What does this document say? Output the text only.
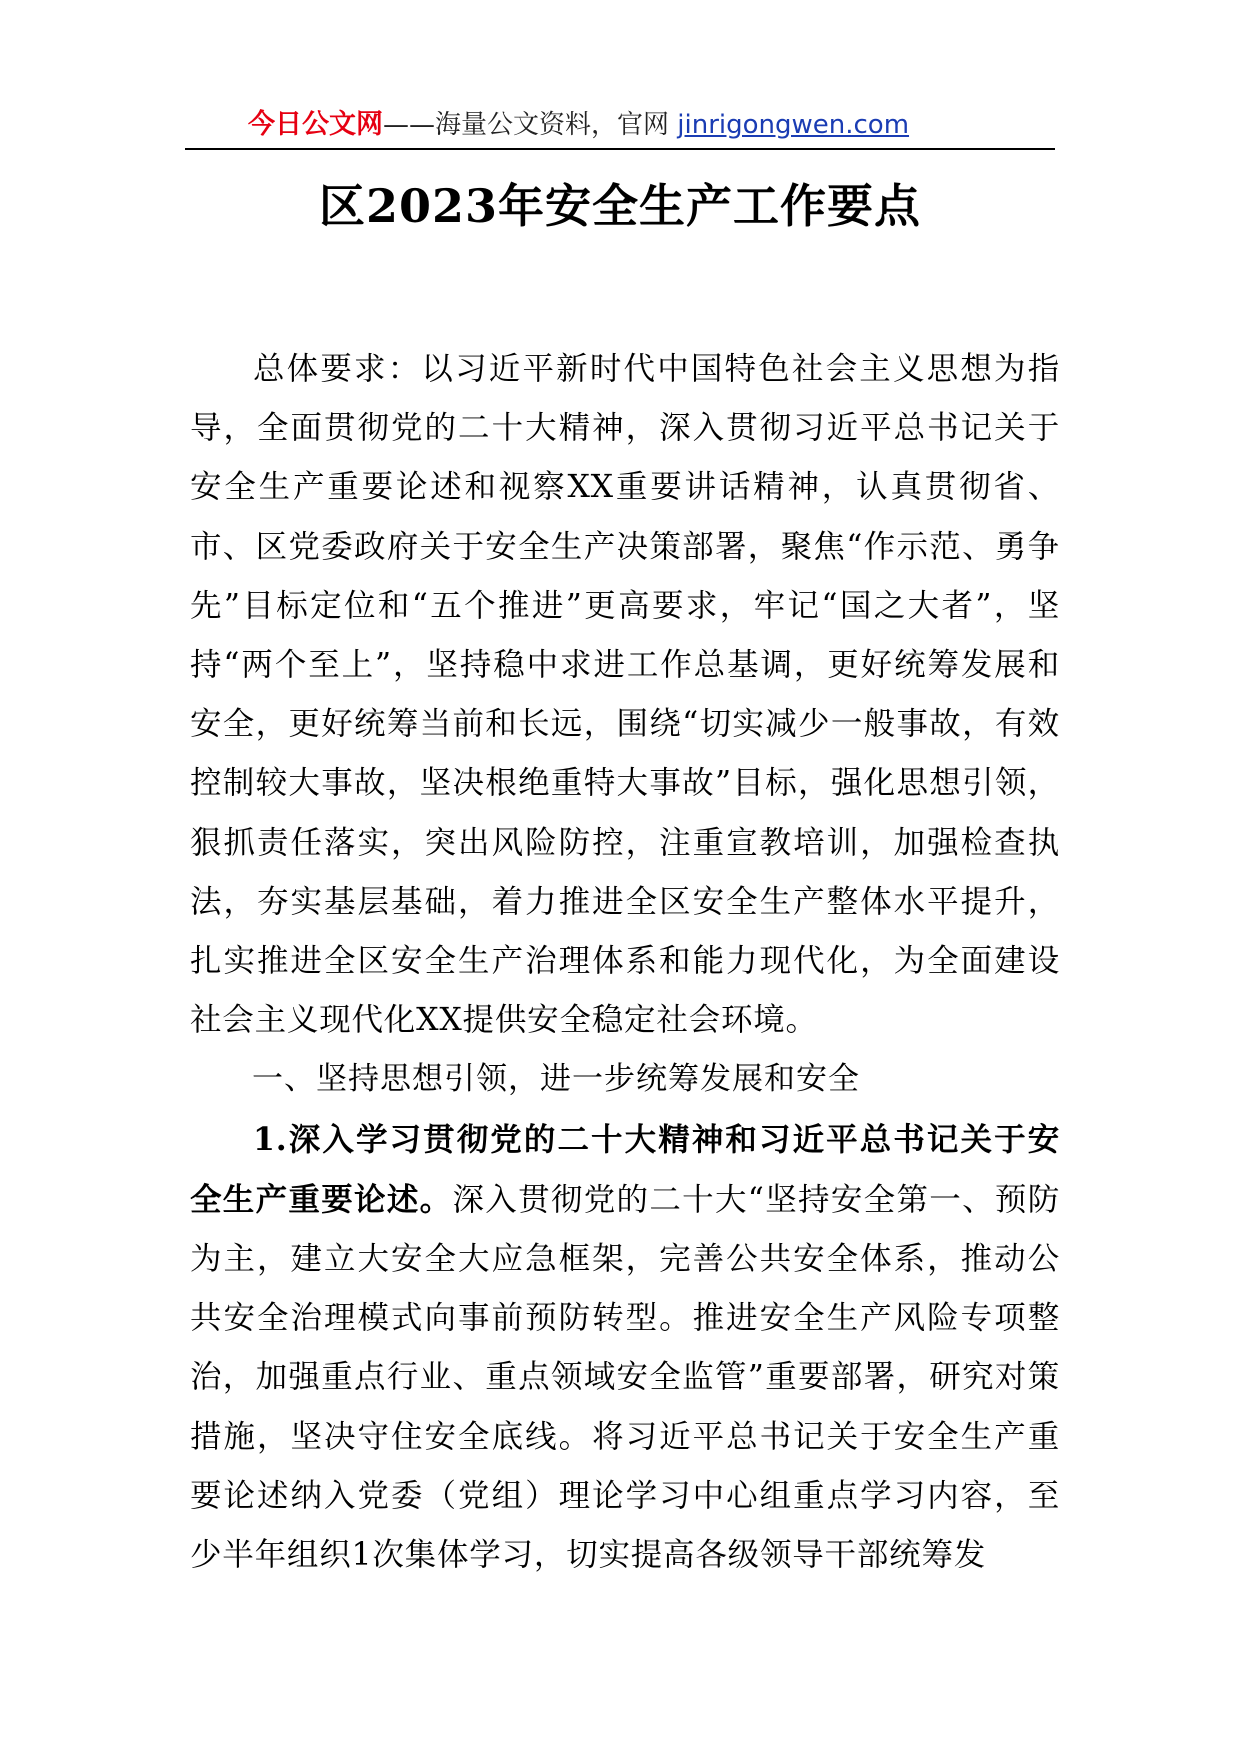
今日公文网——海量公文资料，官网 jinrigongwen.com
区2023年安全生产工作要点

总体要求：以习近平新时代中国特色社会主义思想为指导，全面贯彻党的二十大精神，深入贯彻习近平总书记关于安全生产重要论述和视察XX重要讲话精神，认真贯彻省、市、区党委政府关于安全生产决策部署，聚焦“作示范、勇争先”目标定位和“五个推进”更高要求，牢记“国之大者”，坚持“两个至上”，坚持稳中求进工作总基调，更好统筹发展和安全，更好统筹当前和长远，围绕“切实减少一般事故，有效控制较大事故，坚决根绝重特大事故”目标，强化思想引领，狠抓责任落实，突出风险防控，注重宣教培训，加强检查执法，夯实基层基础，着力推进全区安全生产整体水平提升，扎实推进全区安全生产治理体系和能力现代化，为全面建设社会主义现代化XX提供安全稳定社会环境。

一、坚持思想引领，进一步统筹发展和安全

1.深入学习贯彻党的二十大精神和习近平总书记关于安全生产重要论述。深入贯彻党的二十大“坚持安全第一、预防为主，建立大安全大应急框架，完善公共安全体系，推动公共安全治理模式向事前预防转型。推进安全生产风险专项整治，加强重点行业、重点领域安全监管”重要部署，研究对策措施，坚决守住安全底线。将习近平总书记关于安全生产重要论述纳入党委（党组）理论学习中心组重点学习内容，至少半年组织1次集体学习，切实提高各级领导干部统筹发
